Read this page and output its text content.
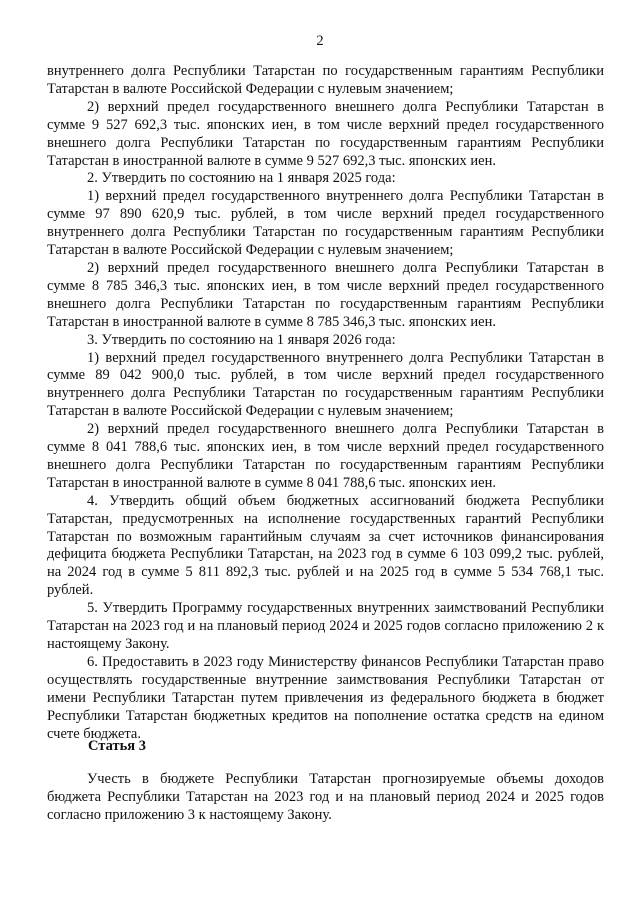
2

внутреннего долга Республики Татарстан по государственным гарантиям Республики Татарстан в валюте Российской Федерации с нулевым значением;

2) верхний предел государственного внешнего долга Республики Татарстан в сумме 9 527 692,3 тыс. японских иен, в том числе верхний предел государственного внешнего долга Республики Татарстан по государственным гарантиям Республики Татарстан в иностранной валюте в сумме 9 527 692,3 тыс. японских иен.

2. Утвердить по состоянию на 1 января 2025 года:

1) верхний предел государственного внутреннего долга Республики Татарстан в сумме 97 890 620,9 тыс. рублей, в том числе верхний предел государственного внутреннего долга Республики Татарстан по государственным гарантиям Республики Татарстан в валюте Российской Федерации с нулевым значением;

2) верхний предел государственного внешнего долга Республики Татарстан в сумме 8 785 346,3 тыс. японских иен, в том числе верхний предел государственного внешнего долга Республики Татарстан по государственным гарантиям Республики Татарстан в иностранной валюте в сумме 8 785 346,3 тыс. японских иен.

3. Утвердить по состоянию на 1 января 2026 года:

1) верхний предел государственного внутреннего долга Республики Татарстан в сумме 89 042 900,0 тыс. рублей, в том числе верхний предел государственного внутреннего долга Республики Татарстан по государственным гарантиям Республики Татарстан в валюте Российской Федерации с нулевым значением;

2) верхний предел государственного внешнего долга Республики Татарстан в сумме 8 041 788,6 тыс. японских иен, в том числе верхний предел государственного внешнего долга Республики Татарстан по государственным гарантиям Республики Татарстан в иностранной валюте в сумме 8 041 788,6 тыс. японских иен.

4. Утвердить общий объем бюджетных ассигнований бюджета Республики Татарстан, предусмотренных на исполнение государственных гарантий Республики Татарстан по возможным гарантийным случаям за счет источников финансирования дефицита бюджета Республики Татарстан, на 2023 год в сумме 6 103 099,2 тыс. рублей, на 2024 год в сумме 5 811 892,3 тыс. рублей и на 2025 год в сумме 5 534 768,1 тыс. рублей.

5. Утвердить Программу государственных внутренних заимствований Республики Татарстан на 2023 год и на плановый период 2024 и 2025 годов согласно приложению 2 к настоящему Закону.

6. Предоставить в 2023 году Министерству финансов Республики Татарстан право осуществлять государственные внутренние заимствования Республики Татарстан от имени Республики Татарстан путем привлечения из федерального бюджета в бюджет Республики Татарстан бюджетных кредитов на пополнение остатка средств на едином счете бюджета.

Статья 3

Учесть в бюджете Республики Татарстан прогнозируемые объемы доходов бюджета Республики Татарстан на 2023 год и на плановый период 2024 и 2025 годов согласно приложению 3 к настоящему Закону.
